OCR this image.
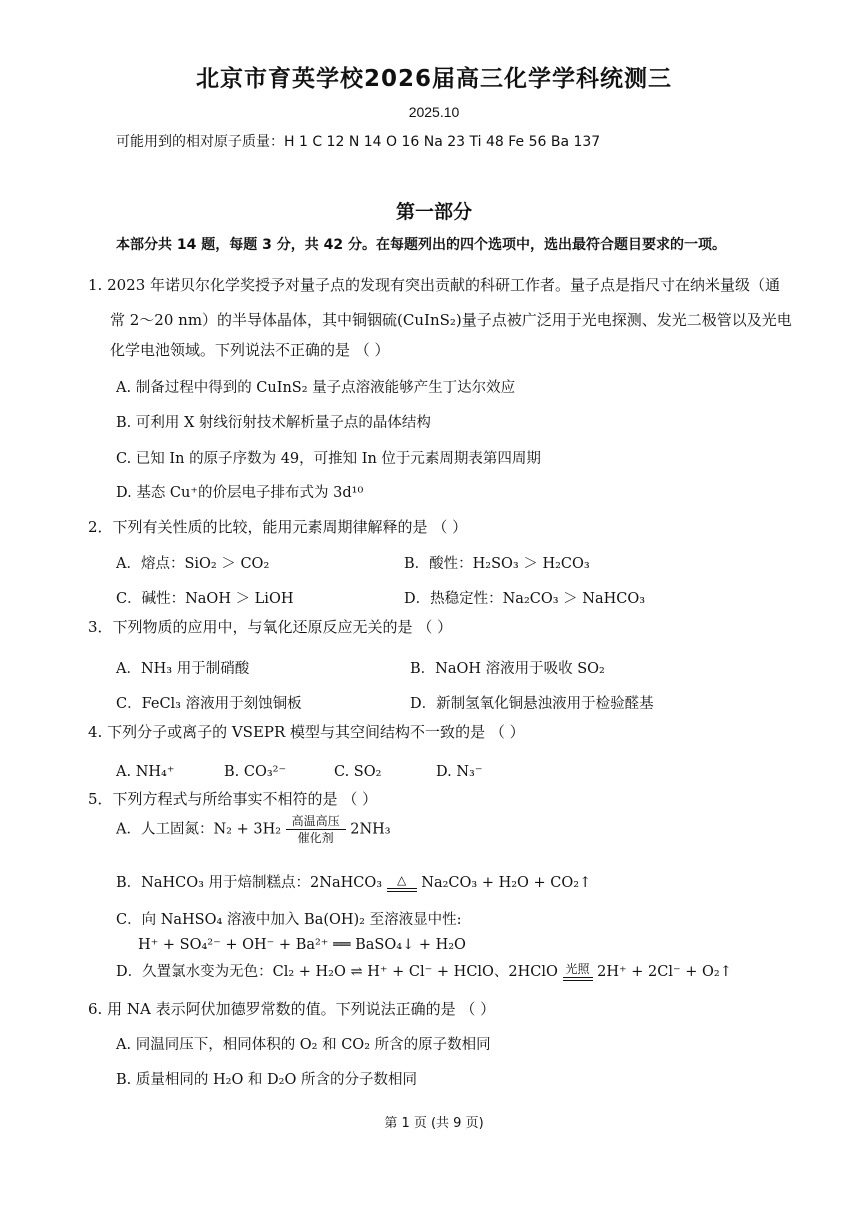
北京市育英学校2026届高三化学学科统测三
2025.10
可能用到的相对原子质量：H 1 C 12 N 14 O 16 Na 23 Ti 48 Fe 56 Ba 137
第一部分
本部分共 14 题，每题 3 分，共 42 分。在每题列出的四个选项中，选出最符合题目要求的一项。
1. 2023 年诺贝尔化学奖授予对量子点的发现有突出贡献的科研工作者。量子点是指尺寸在纳米量级（通
常 2～20 nm）的半导体晶体，其中铜铟硫(CuInS₂)量子点被广泛用于光电探测、发光二极管以及光电
化学电池领域。下列说法不正确的是 （ ）
A. 制备过程中得到的 CuInS₂ 量子点溶液能够产生丁达尔效应
B. 可利用 X 射线衍射技术解析量子点的晶体结构
C. 已知 In 的原子序数为 49，可推知 In 位于元素周期表第四周期
D. 基态 Cu⁺的价层电子排布式为 3d¹⁰
2．下列有关性质的比较，能用元素周期律解释的是 （ ）
A．熔点：SiO₂ ＞ CO₂	B．酸性：H₂SO₃ ＞ H₂CO₃
C．碱性：NaOH ＞ LiOH	D．热稳定性：Na₂CO₃ ＞ NaHCO₃
3．下列物质的应用中，与氧化还原反应无关的是 （ ）
A．NH₃ 用于制硝酸	B．NaOH 溶液用于吸收 SO₂
C．FeCl₃ 溶液用于刻蚀铜板	D．新制氢氧化铜悬浊液用于检验醛基
4. 下列分子或离子的 VSEPR 模型与其空间结构不一致的是 （ ）
A. NH₄⁺	B. CO₃²⁻	C. SO₂	D. N₃⁻
5．下列方程式与所给事实不相符的是 （ ）
A．人工固氮：N₂ + 3H₂
高温高压
催化剂
2NH₃
B．NaHCO₃ 用于焙制糕点：2NaHCO₃	△	Na₂CO₃ + H₂O + CO₂↑
C．向 NaHSO₄ 溶液中加入 Ba(OH)₂ 至溶液显中性:
H⁺ + SO₄²⁻ + OH⁻ + Ba²⁺ ══ BaSO₄↓ + H₂O
D．久置氯水变为无色：Cl₂ + H₂O ⇌ H⁺ + Cl⁻ + HClO、2HClO 光照 2H⁺ + 2Cl⁻ + O₂↑
6. 用 NA 表示阿伏加德罗常数的值。下列说法正确的是 （ ）
A. 同温同压下，相同体积的 O₂ 和 CO₂ 所含的原子数相同
B. 质量相同的 H₂O 和 D₂O 所含的分子数相同
第 1 页 (共 9 页)
